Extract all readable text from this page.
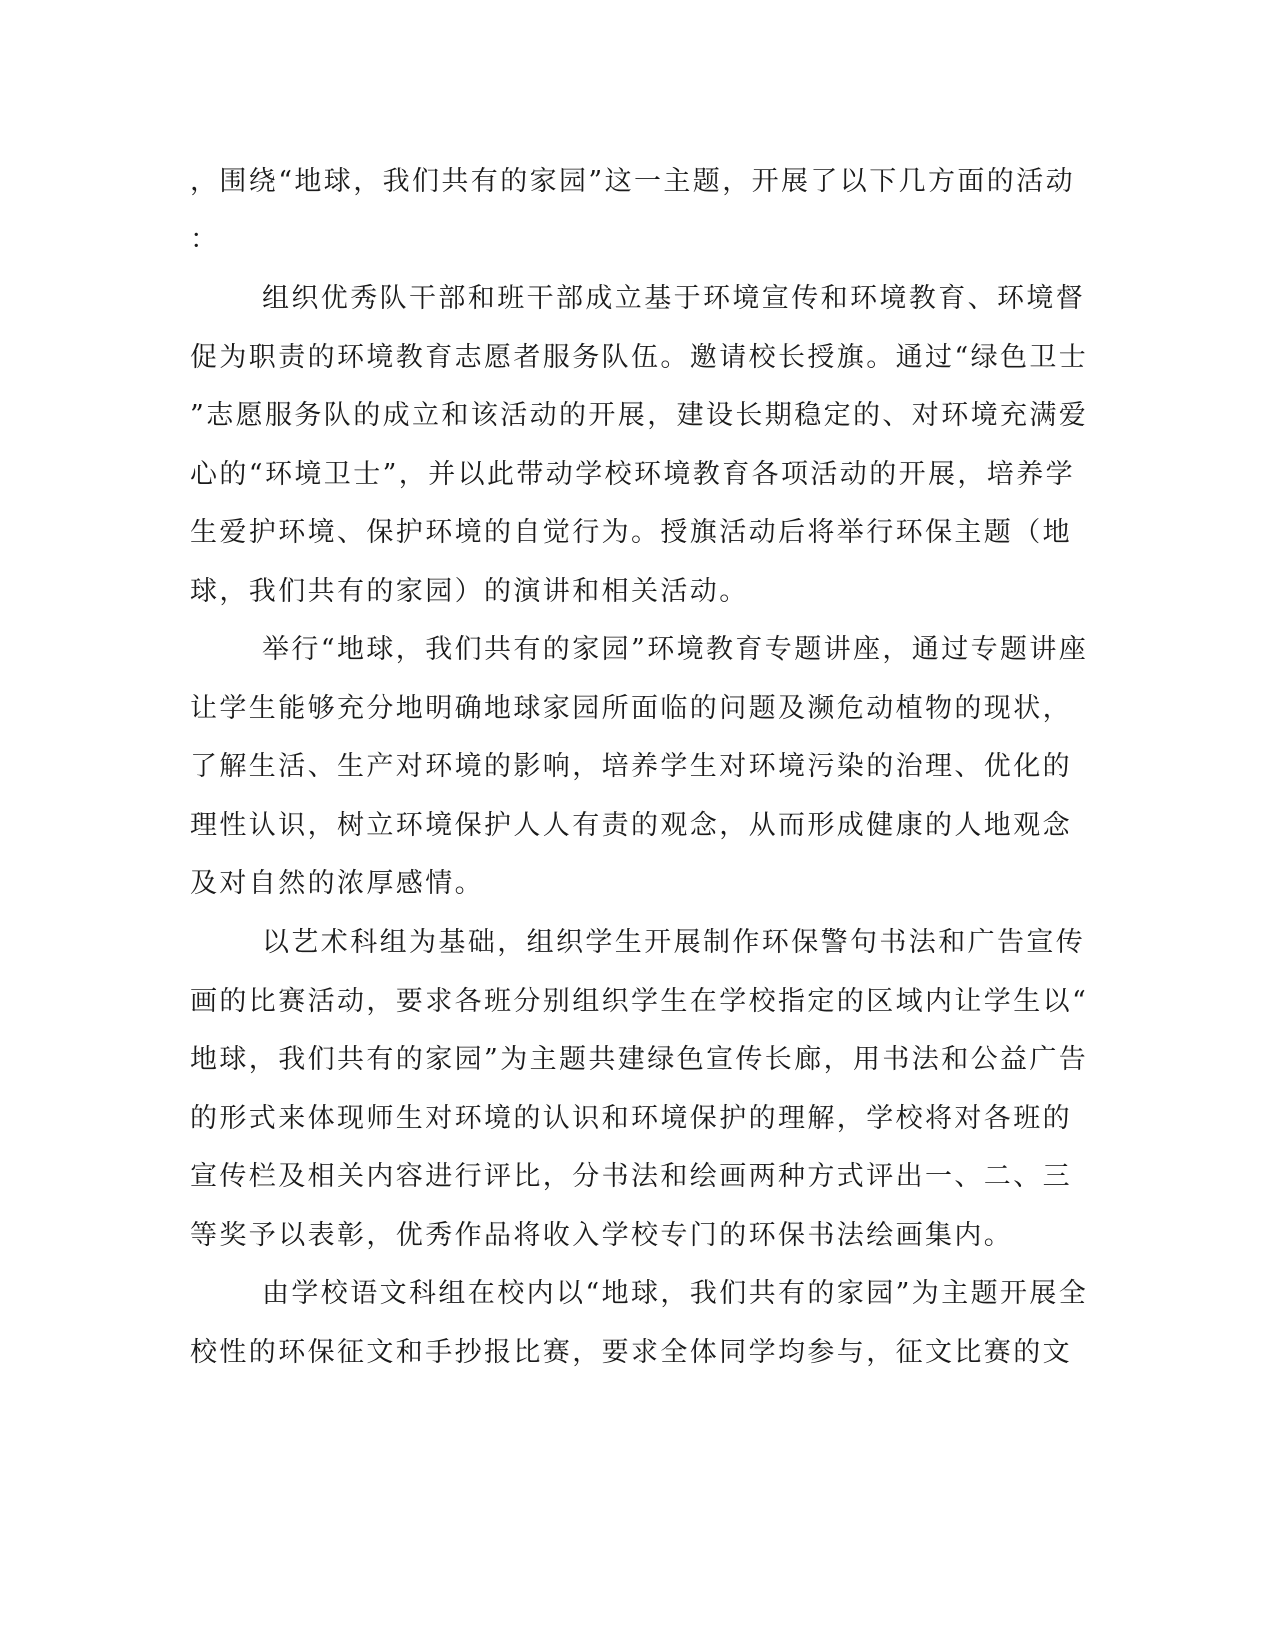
，围绕“地球，我们共有的家园”这一主题，开展了以下几方面的活动
：
组织优秀队干部和班干部成立基于环境宣传和环境教育、环境督
促为职责的环境教育志愿者服务队伍。邀请校长授旗。通过“绿色卫士
”志愿服务队的成立和该活动的开展，建设长期稳定的、对环境充满爱
心的“环境卫士”，并以此带动学校环境教育各项活动的开展，培养学
生爱护环境、保护环境的自觉行为。授旗活动后将举行环保主题（地
球，我们共有的家园）的演讲和相关活动。
举行“地球，我们共有的家园”环境教育专题讲座，通过专题讲座
让学生能够充分地明确地球家园所面临的问题及濒危动植物的现状，
了解生活、生产对环境的影响，培养学生对环境污染的治理、优化的
理性认识，树立环境保护人人有责的观念，从而形成健康的人地观念
及对自然的浓厚感情。
以艺术科组为基础，组织学生开展制作环保警句书法和广告宣传
画的比赛活动，要求各班分别组织学生在学校指定的区域内让学生以“
地球，我们共有的家园”为主题共建绿色宣传长廊，用书法和公益广告
的形式来体现师生对环境的认识和环境保护的理解，学校将对各班的
宣传栏及相关内容进行评比，分书法和绘画两种方式评出一、二、三
等奖予以表彰，优秀作品将收入学校专门的环保书法绘画集内。
由学校语文科组在校内以“地球，我们共有的家园”为主题开展全
校性的环保征文和手抄报比赛，要求全体同学均参与，征文比赛的文
